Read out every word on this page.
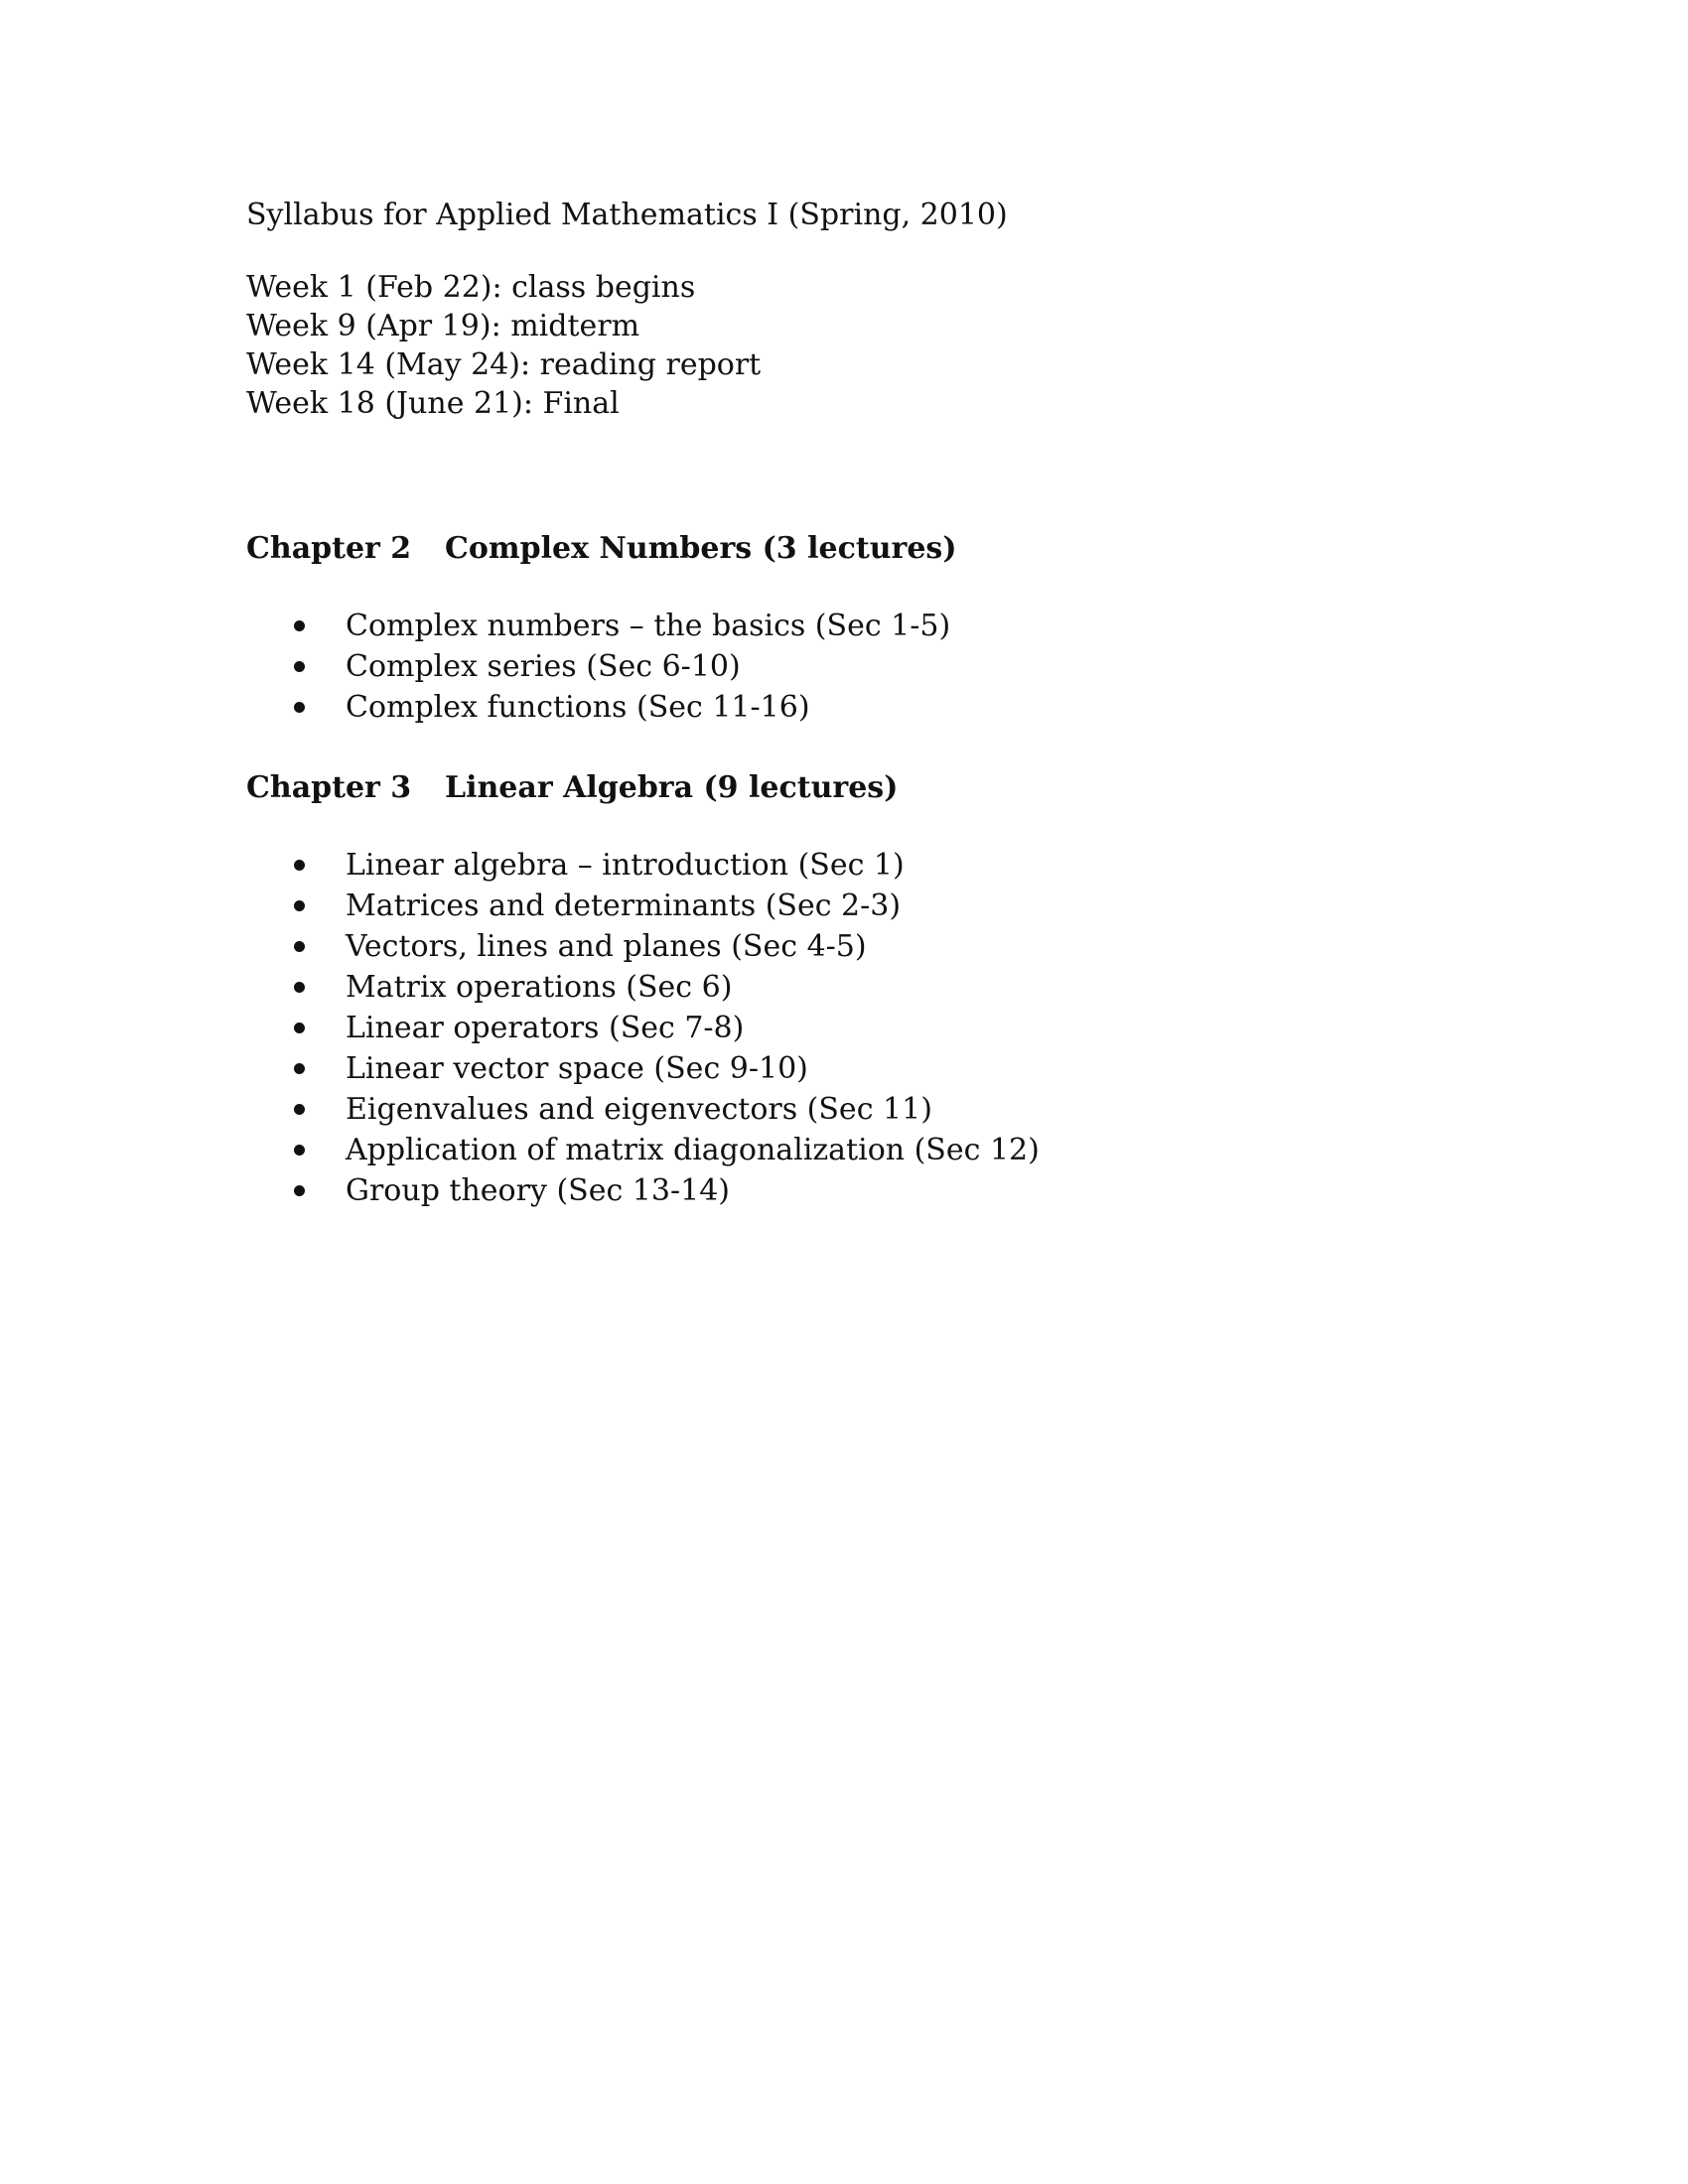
Syllabus for Applied Mathematics I (Spring, 2010)

Week 1 (Feb 22): class begins

Week 9 (Apr 19): midterm

Week 14 (May 24): reading report

Week 18 (June 21): Final

Chapter 2	Complex Numbers (3 lectures)
Complex numbers – the basics (Sec 1-5)
Complex series (Sec 6-10)
Complex functions (Sec 11-16)
Chapter 3	Linear Algebra (9 lectures)
Linear algebra – introduction (Sec 1)
Matrices and determinants (Sec 2-3)
Vectors, lines and planes (Sec 4-5)
Matrix operations (Sec 6)
Linear operators (Sec 7-8)
Linear vector space (Sec 9-10)
Eigenvalues and eigenvectors (Sec 11)
Application of matrix diagonalization (Sec 12)
Group theory (Sec 13-14)
